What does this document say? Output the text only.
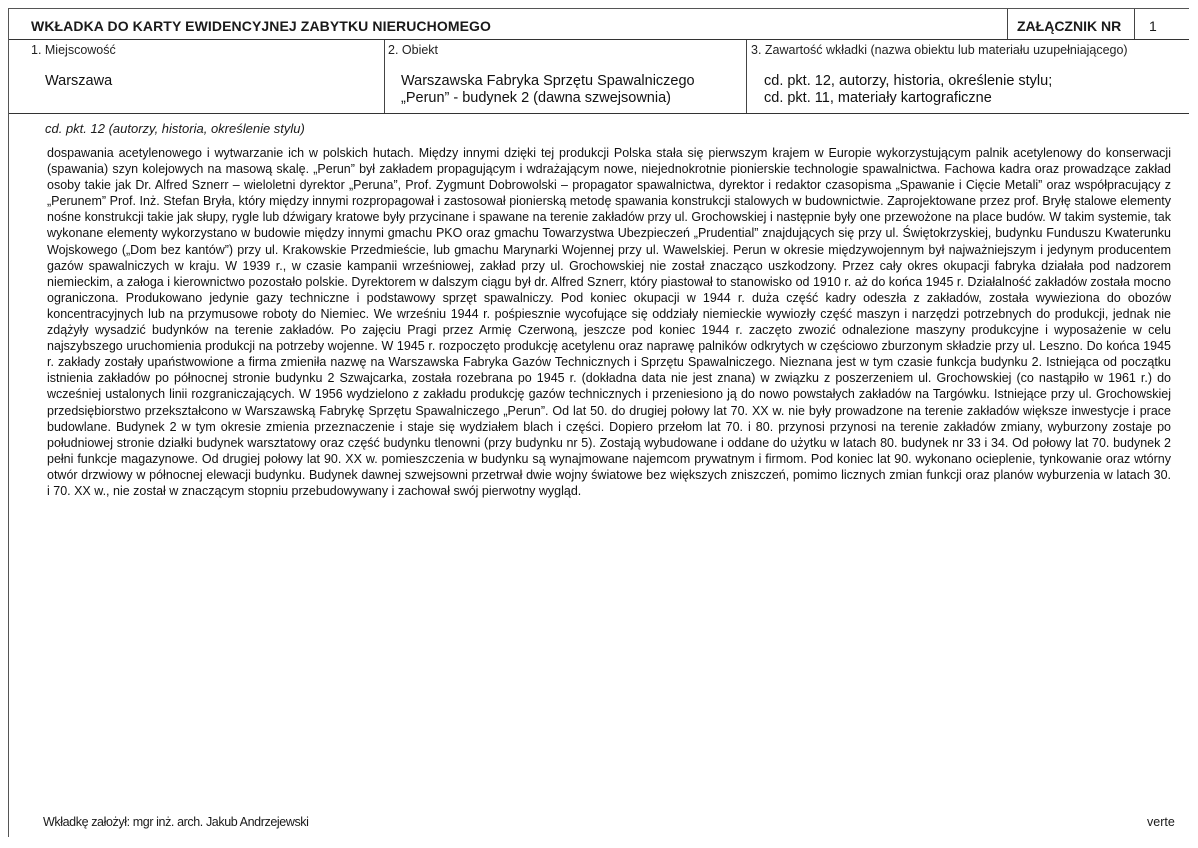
WKŁADKA DO KARTY EWIDENCYJNEJ ZABYTKU NIERUCHOMEGO	ZAŁĄCZNIK NR 1
1. Miejscowość
Warszawa
2. Obiekt
Warszawska Fabryka Sprzętu Spawalniczego
„Perun” - budynek 2 (dawna szwejsownia)
3. Zawartość wkładki (nazwa obiektu lub materiału uzupełniającego)
cd. pkt. 12, autorzy, historia, określenie stylu;
cd. pkt. 11, materiały kartograficzne
cd. pkt. 12 (autorzy, historia, określenie stylu)
dospawania acetylenowego i wytwarzanie ich w polskich hutach. Między innymi dzięki tej produkcji Polska stała się pierwszym krajem w Europie wykorzystującym palnik acetylenowy do konserwacji (spawania) szyn kolejowych na masową skalę. „Perun” był zakładem propagującym i wdrażającym nowe, niejednokrotnie pionierskie technologie spawalnictwa. Fachowa kadra oraz prowadzące zakład osoby takie jak Dr. Alfred Sznerr – wieloletni dyrektor „Peruna”, Prof. Zygmunt Dobrowolski – propagator spawalnictwa, dyrektor i redaktor czasopisma „Spawanie i Cięcie Metali” oraz współpracujący z „Perunem” Prof. Inż. Stefan Bryła, który między innymi rozpropagował i zastosował pionierską metodę spawania konstrukcji stalowych w budownictwie. Zaprojektowane przez prof. Bryłę stalowe elementy nośne konstrukcji takie jak słupy, rygle lub dźwigary kratowe były przycinane i spawane na terenie zakładów przy ul. Grochowskiej i następnie były one przewożone na place budów. W takim systemie, tak wykonane elementy wykorzystano w budowie między innymi gmachu PKO oraz gmachu Towarzystwa Ubezpieczeń „Prudential” znajdujących się przy ul. Świętokrzyskiej, budynku Funduszu Kwaterunku Wojskowego („Dom bez kantów”) przy ul. Krakowskie Przedmieście, lub gmachu Marynarki Wojennej przy ul. Wawelskiej. Perun w okresie międzywojennym był najważniejszym i jedynym producentem gazów spawalniczych w kraju. W 1939 r., w czasie kampanii wrześniowej, zakład przy ul. Grochowskiej nie został znacząco uszkodzony. Przez cały okres okupacji fabryka działała pod nadzorem niemieckim, a załoga i kierownictwo pozostało polskie. Dyrektorem w dalszym ciągu był dr. Alfred Sznerr, który piastował to stanowisko od 1910 r. aż do końca 1945 r. Działalność zakładów została mocno ograniczona. Produkowano jedynie gazy techniczne i podstawowy sprzęt spawalniczy. Pod koniec okupacji w 1944 r. duża część kadry odeszła z zakładów, została wywieziona do obozów koncentracyjnych lub na przymusowe roboty do Niemiec. We wrześniu 1944 r. pośpiesznie wycofujące się oddziały niemieckie wywiozły część maszyn i narzędzi potrzebnych do produkcji, jednak nie zdążyły wysadzić budynków na terenie zakładów. Po zajęciu Pragi przez Armię Czerwoną, jeszcze pod koniec 1944 r. zaczęto zwozić odnalezione maszyny produkcyjne i wyposażenie w celu najszybszego uruchomienia produkcji na potrzeby wojenne. W 1945 r. rozpoczęto produkcję acetylenu oraz naprawę palników odkrytych w częściowo zburzonym składzie przy ul. Leszno. Do końca 1945 r. zakłady zostały upaństwowione a firma zmieniła nazwę na Warszawska Fabryka Gazów Technicznych i Sprzętu Spawalniczego. Nieznana jest w tym czasie funkcja budynku 2. Istniejąca od początku istnienia zakładów po północnej stronie budynku 2 Szwajcarka, została rozebrana po 1945 r. (dokładna data nie jest znana) w związku z poszerzeniem ul. Grochowskiej (co nastąpiło w 1961 r.) do wcześniej ustalonych linii rozgraniczających. W 1956 wydzielono z zakładu produkcję gazów technicznych i przeniesiono ją do nowo powstałych zakładów na Targówku. Istniejące przy ul. Grochowskiej przedsiębiorstwo przekształcono w Warszawską Fabrykę Sprzętu Spawalniczego „Perun”. Od lat 50. do drugiej połowy lat 70. XX w. nie były prowadzone na terenie zakładów większe inwestycje i prace budowlane. Budynek 2 w tym okresie zmienia przeznaczenie i staje się wydziałem blach i części. Dopiero przełom lat 70. i 80. przynosi przynosi na terenie zakładów zmiany, wyburzony zostaje po południowej stronie działki budynek warsztatowy oraz część budynku tlenowni (przy budynku nr 5). Zostają wybudowane i oddane do użytku w latach 80. budynek nr 33 i 34. Od połowy lat 70. budynek 2 pełni funkcje magazynowe. Od drugiej połowy lat 90. XX w. pomieszczenia w budynku są wynajmowane najemcom prywatnym i firmom. Pod koniec lat 90. wykonano ocieplenie, tynkowanie oraz wtórny otwór drzwiowy w północnej elewacji budynku. Budynek dawnej szwejsowni przetrwał dwie wojny światowe bez większych zniszczeń, pomimo licznych zmian funkcji oraz planów wyburzenia w latach 30. i 70. XX w., nie został w znaczącym stopniu przebudowywany i zachował swój pierwotny wygląd.
Wkładkę założył: mgr inż. arch. Jakub Andrzejewski	verte
